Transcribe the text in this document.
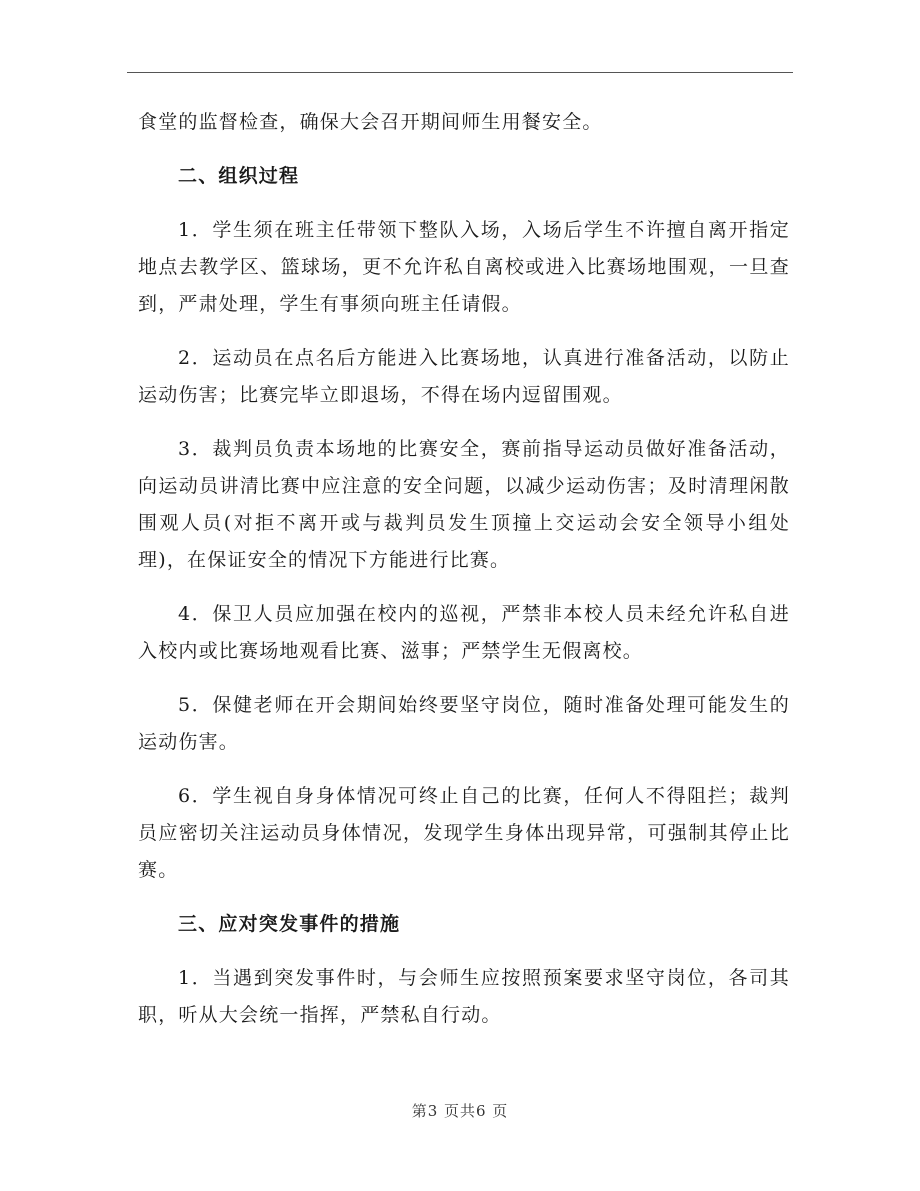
食堂的监督检查，确保大会召开期间师生用餐安全。

二、组织过程

1．学生须在班主任带领下整队入场，入场后学生不许擅自离开指定地点去教学区、篮球场，更不允许私自离校或进入比赛场地围观，一旦查到，严肃处理，学生有事须向班主任请假。

2．运动员在点名后方能进入比赛场地，认真进行准备活动，以防止运动伤害；比赛完毕立即退场，不得在场内逗留围观。

3．裁判员负责本场地的比赛安全，赛前指导运动员做好准备活动，向运动员讲清比赛中应注意的安全问题，以减少运动伤害；及时清理闲散围观人员(对拒不离开或与裁判员发生顶撞上交运动会安全领导小组处理)，在保证安全的情况下方能进行比赛。

4．保卫人员应加强在校内的巡视，严禁非本校人员未经允许私自进入校内或比赛场地观看比赛、滋事；严禁学生无假离校。

5．保健老师在开会期间始终要坚守岗位，随时准备处理可能发生的运动伤害。

6．学生视自身身体情况可终止自己的比赛，任何人不得阻拦；裁判员应密切关注运动员身体情况，发现学生身体出现异常，可强制其停止比赛。

三、应对突发事件的措施

1．当遇到突发事件时，与会师生应按照预案要求坚守岗位，各司其职，听从大会统一指挥，严禁私自行动。

第3 页共6 页
